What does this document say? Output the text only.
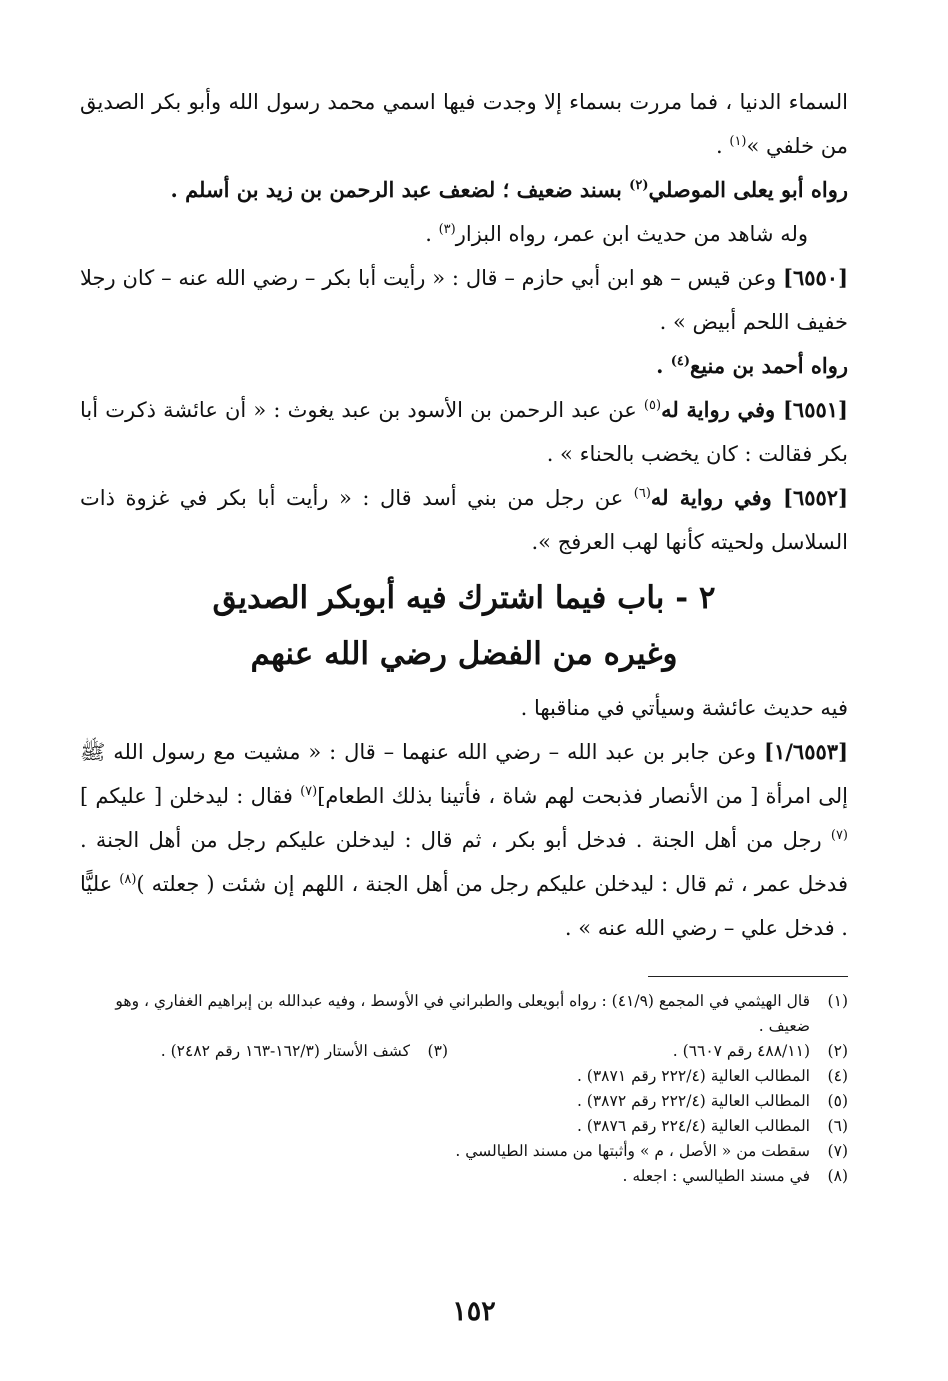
السماء الدنيا ، فما مررت بسماء إلا وجدت فيها اسمي محمد رسول الله وأبو بكر الصديق من خلفي »$^{(١)}$ .

رواه أبو يعلى الموصلي$^{(٢)}$ بسند ضعيف ؛ لضعف عبد الرحمن بن زيد بن أسلم .

وله شاهد من حديث ابن عمر، رواه البزار$^{(٣)}$ .

[٦٥٥٠] وعن قيس – هو ابن أبي حازم – قال : « رأيت أبا بكر – رضي الله عنه – كان رجلا خفيف اللحم أبيض » .

رواه أحمد بن منيع$^{(٤)}$ .

[٦٥٥١] وفي رواية له$^{(٥)}$ عن عبد الرحمن بن الأسود بن عبد يغوث : « أن عائشة ذكرت أبا بكر فقالت : كان يخضب بالحناء » .

[٦٥٥٢] وفي رواية له$^{(٦)}$ عن رجل من بني أسد قال : « رأيت أبا بكر في غزوة ذات السلاسل ولحيته كأنها لهب العرفج ».

٢ - باب فيما اشترك فيه أبوبكر الصديق
وغيره من الفضل رضي الله عنهم

فيه حديث عائشة وسيأتي في مناقبها .

[١/٦٥٥٣] وعن جابر بن عبد الله – رضي الله عنهما – قال : « مشيت مع رسول الله ﷺ إلى امرأة [ من الأنصار فذبحت لهم شاة ، فأتينا بذلك الطعام]$^{(٧)}$ فقال : ليدخلن [ عليكم ]$^{(٧)}$ رجل من أهل الجنة . فدخل أبو بكر ، ثم قال : ليدخلن عليكم رجل من أهل الجنة . فدخل عمر ، ثم قال : ليدخلن عليكم رجل من أهل الجنة ، اللهم إن شئت ( جعلته )$^{(٨)}$ عليًّا . فدخل علي – رضي الله عنه » .

(١)
قال الهيثمي في المجمع (٤١/٩) : رواه أبويعلى والطبراني في الأوسط ، وفيه عبدالله بن إبراهيم الغفاري ، وهو ضعيف .
(٢)
(٤٨٨/١١ رقم ٦٦٠٧) .
(٣)
كشف الأستار (١٦٢/٣-١٦٣ رقم ٢٤٨٢) .
(٤)
المطالب العالية (٢٢٢/٤ رقم ٣٨٧١) .
(٥)
المطالب العالية (٢٢٢/٤ رقم ٣٨٧٢) .
(٦)
المطالب العالية (٢٢٤/٤ رقم ٣٨٧٦) .
(٧)
سقطت من « الأصل ، م » وأثبتها من مسند الطيالسي .
(٨)
في مسند الطيالسي : اجعله .
١٥٢
